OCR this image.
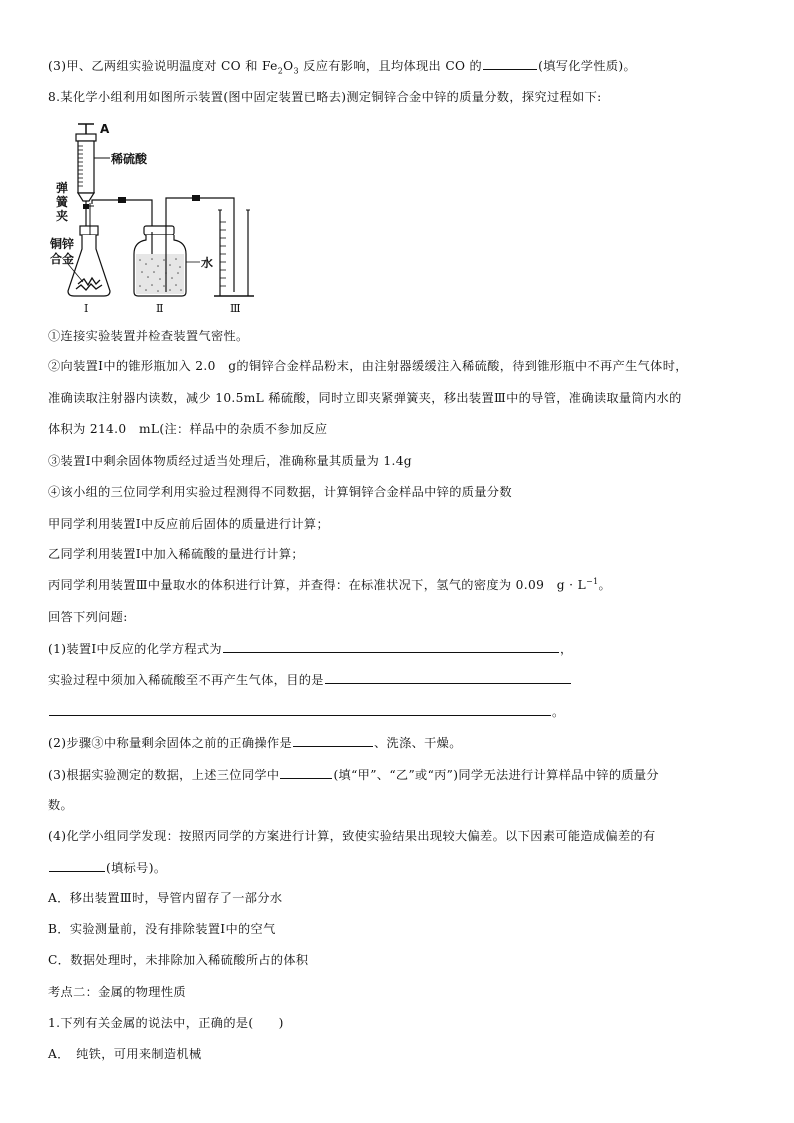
(3)甲、乙两组实验说明温度对 CO 和 $Fe_2O_3$ 反应有影响，且均体现出 CO 的	(填写化学性质)。
8.某化学小组利用如图所示装置(图中固定装置已略去)测定铜锌合金中锌的质量分数，探究过程如下:
A
稀硫酸
弹
簧
夹
铜锌
合金
Ⅰ
水
Ⅱ	Ⅲ
①连接实验装置并检查装置气密性。
②向装置Ⅰ中的锥形瓶加入 2.0　g的铜锌合金样品粉末，由注射器缓缓注入稀硫酸，待到锥形瓶中不再产生气体时，
准确读取注射器内读数，减少 10.5mL 稀硫酸，同时立即夹紧弹簧夹，移出装置Ⅲ中的导管，准确读取量筒内水的
体积为 214.0　mL(注：样品中的杂质不参加反应
③装置Ⅰ中剩余固体物质经过适当处理后，准确称量其质量为 1.4g
④该小组的三位同学利用实验过程测得不同数据，计算铜锌合金样品中锌的质量分数
甲同学利用装置Ⅰ中反应前后固体的质量进行计算；
乙同学利用装置Ⅰ中加入稀硫酸的量进行计算；
丙同学利用装置Ⅲ中量取水的体积进行计算，并查得：在标准状况下，氢气的密度为 0.09　$g \cdot L^{-1}$。
回答下列问题:
(1)装置Ⅰ中反应的化学方程式为	，
实验过程中须加入稀硫酸至不再产生气体，目的是
。
(2)步骤③中称量剩余固体之前的正确操作是	、洗涤、干燥。
(3)根据实验测定的数据，上述三位同学中	(填“甲”、“乙”或“丙”)同学无法进行计算样品中锌的质量分
数。
(4)化学小组同学发现：按照丙同学的方案进行计算，致使实验结果出现较大偏差。以下因素可能造成偏差的有
(填标号)。
A．移出装置Ⅲ时，导管内留存了一部分水
B．实验测量前，没有排除装置Ⅰ中的空气
C．数据处理时，未排除加入稀硫酸所占的体积
考点二：金属的物理性质
1.下列有关金属的说法中，正确的是(　　)
A．　纯铁，可用来制造机械
